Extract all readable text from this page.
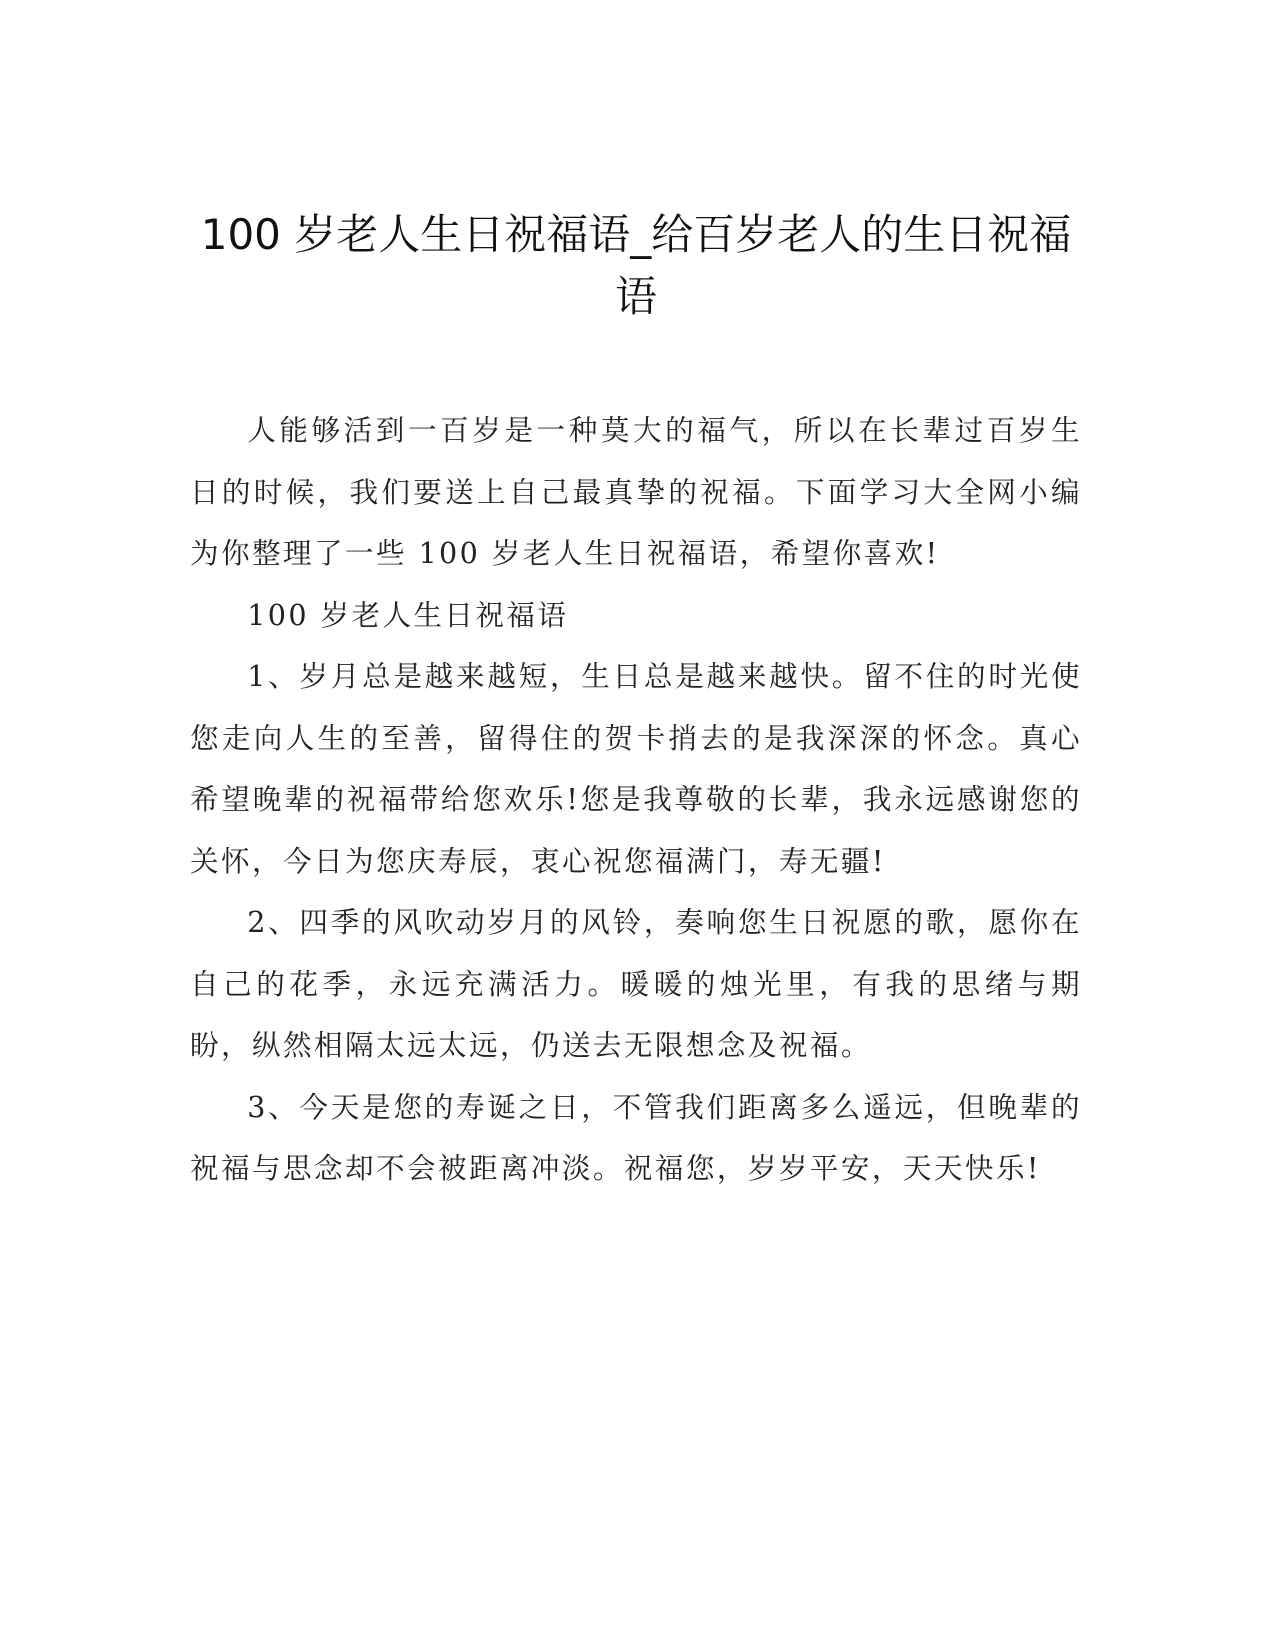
100 岁老人生日祝福语_给百岁老人的生日祝福语

人能够活到一百岁是一种莫大的福气，所以在长辈过百岁生日的时候，我们要送上自己最真挚的祝福。下面学习大全网小编为你整理了一些 100 岁老人生日祝福语，希望你喜欢!

100 岁老人生日祝福语

1、岁月总是越来越短，生日总是越来越快。留不住的时光使您走向人生的至善，留得住的贺卡捎去的是我深深的怀念。真心希望晚辈的祝福带给您欢乐!您是我尊敬的长辈，我永远感谢您的关怀，今日为您庆寿辰，衷心祝您福满门，寿无疆!

2、四季的风吹动岁月的风铃，奏响您生日祝愿的歌，愿你在自己的花季，永远充满活力。暖暖的烛光里，有我的思绪与期盼，纵然相隔太远太远，仍送去无限想念及祝福。

3、今天是您的寿诞之日，不管我们距离多么遥远，但晚辈的祝福与思念却不会被距离冲淡。祝福您，岁岁平安，天天快乐!
